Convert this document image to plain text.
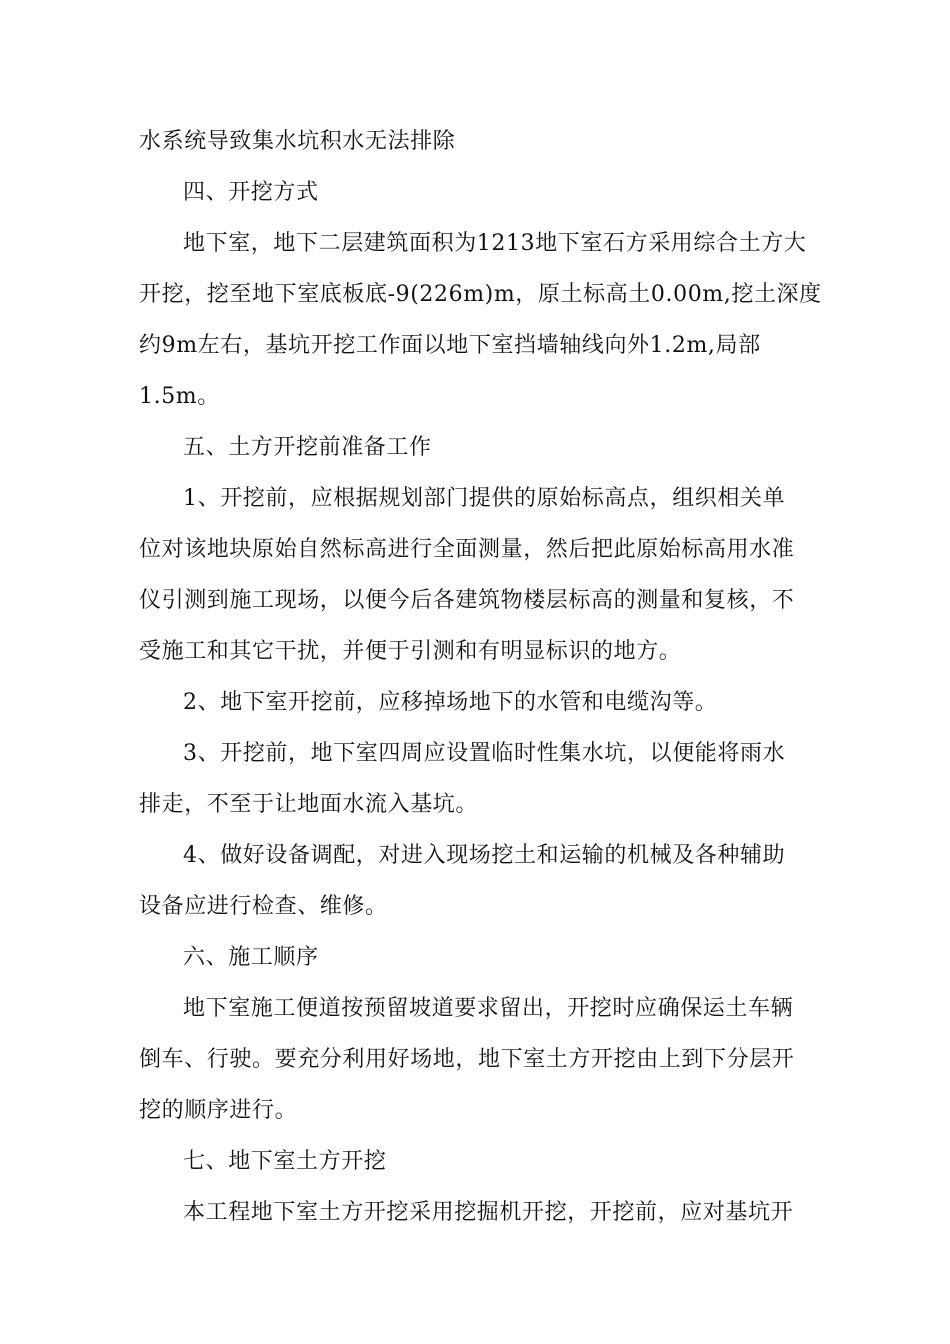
水系统导致集水坑积水无法排除

四、开挖方式

地下室，地下二层建筑面积为1213地下室石方采用综合土方大
开挖，挖至地下室底板底-9(226m)m，原土标高土0.00m,挖土深度
约9m左右，基坑开挖工作面以地下室挡墙轴线向外1.2m,局部
1.5m。

五、土方开挖前准备工作

1、开挖前，应根据规划部门提供的原始标高点，组织相关单
位对该地块原始自然标高进行全面测量，然后把此原始标高用水准
仪引测到施工现场，以便今后各建筑物楼层标高的测量和复核，不
受施工和其它干扰，并便于引测和有明显标识的地方。

2、地下室开挖前，应移掉场地下的水管和电缆沟等。

3、开挖前，地下室四周应设置临时性集水坑，以便能将雨水
排走，不至于让地面水流入基坑。

4、做好设备调配，对进入现场挖土和运输的机械及各种辅助
设备应进行检查、维修。

六、施工顺序

地下室施工便道按预留坡道要求留出，开挖时应确保运土车辆
倒车、行驶。要充分利用好场地，地下室土方开挖由上到下分层开
挖的顺序进行。

七、地下室土方开挖

本工程地下室土方开挖采用挖掘机开挖，开挖前，应对基坑开
